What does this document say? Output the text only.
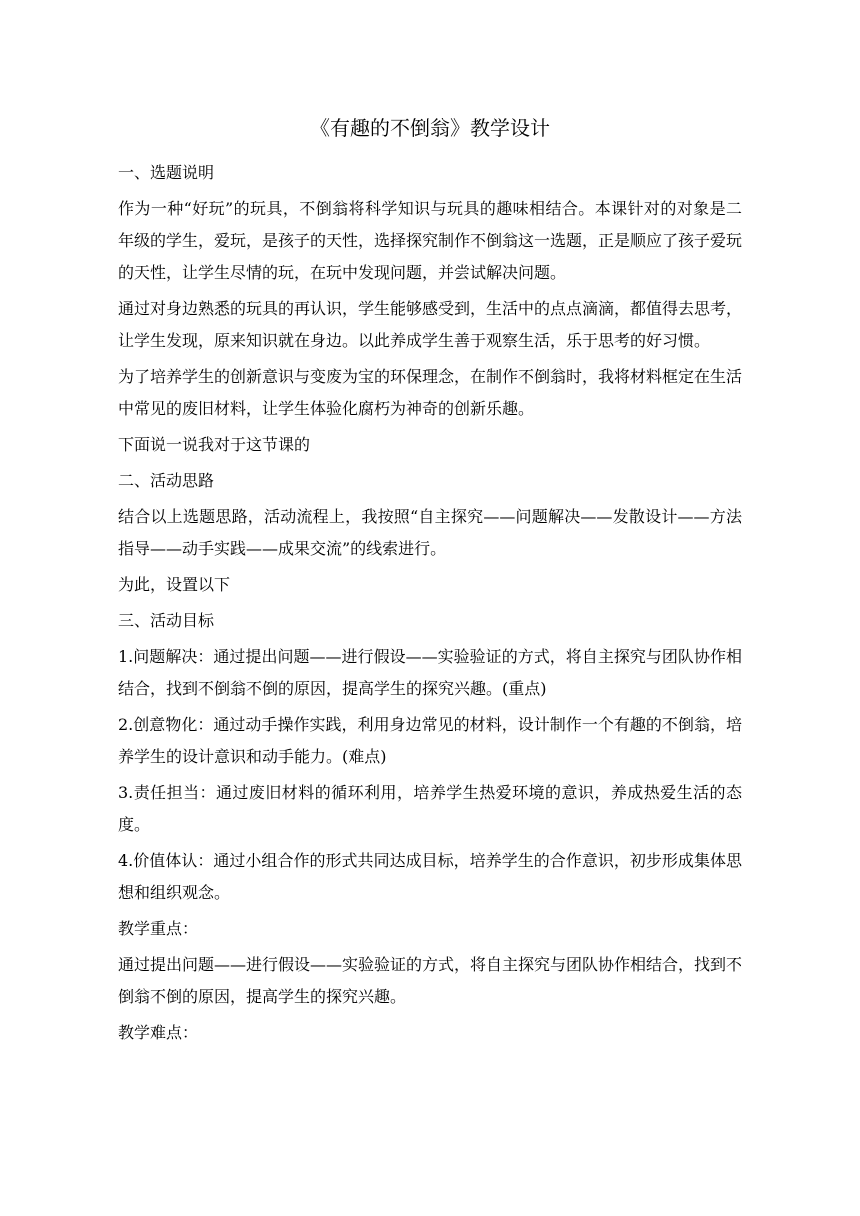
《有趣的不倒翁》教学设计

一、选题说明

作为一种“好玩”的玩具，不倒翁将科学知识与玩具的趣味相结合。本课针对的对象是二年级的学生，爱玩，是孩子的天性，选择探究制作不倒翁这一选题，正是顺应了孩子爱玩的天性，让学生尽情的玩，在玩中发现问题，并尝试解决问题。

通过对身边熟悉的玩具的再认识，学生能够感受到，生活中的点点滴滴，都值得去思考，让学生发现，原来知识就在身边。以此养成学生善于观察生活，乐于思考的好习惯。

为了培养学生的创新意识与变废为宝的环保理念，在制作不倒翁时，我将材料框定在生活中常见的废旧材料，让学生体验化腐朽为神奇的创新乐趣。

下面说一说我对于这节课的

二、活动思路

结合以上选题思路，活动流程上，我按照“自主探究——问题解决——发散设计——方法指导——动手实践——成果交流”的线索进行。

为此，设置以下

三、活动目标

1.问题解决：通过提出问题——进行假设——实验验证的方式，将自主探究与团队协作相结合，找到不倒翁不倒的原因，提高学生的探究兴趣。(重点)

2.创意物化：通过动手操作实践，利用身边常见的材料，设计制作一个有趣的不倒翁，培养学生的设计意识和动手能力。(难点)

3.责任担当：通过废旧材料的循环利用，培养学生热爱环境的意识，养成热爱生活的态度。

4.价值体认：通过小组合作的形式共同达成目标，培养学生的合作意识，初步形成集体思想和组织观念。

教学重点：

通过提出问题——进行假设——实验验证的方式，将自主探究与团队协作相结合，找到不倒翁不倒的原因，提高学生的探究兴趣。

教学难点：
